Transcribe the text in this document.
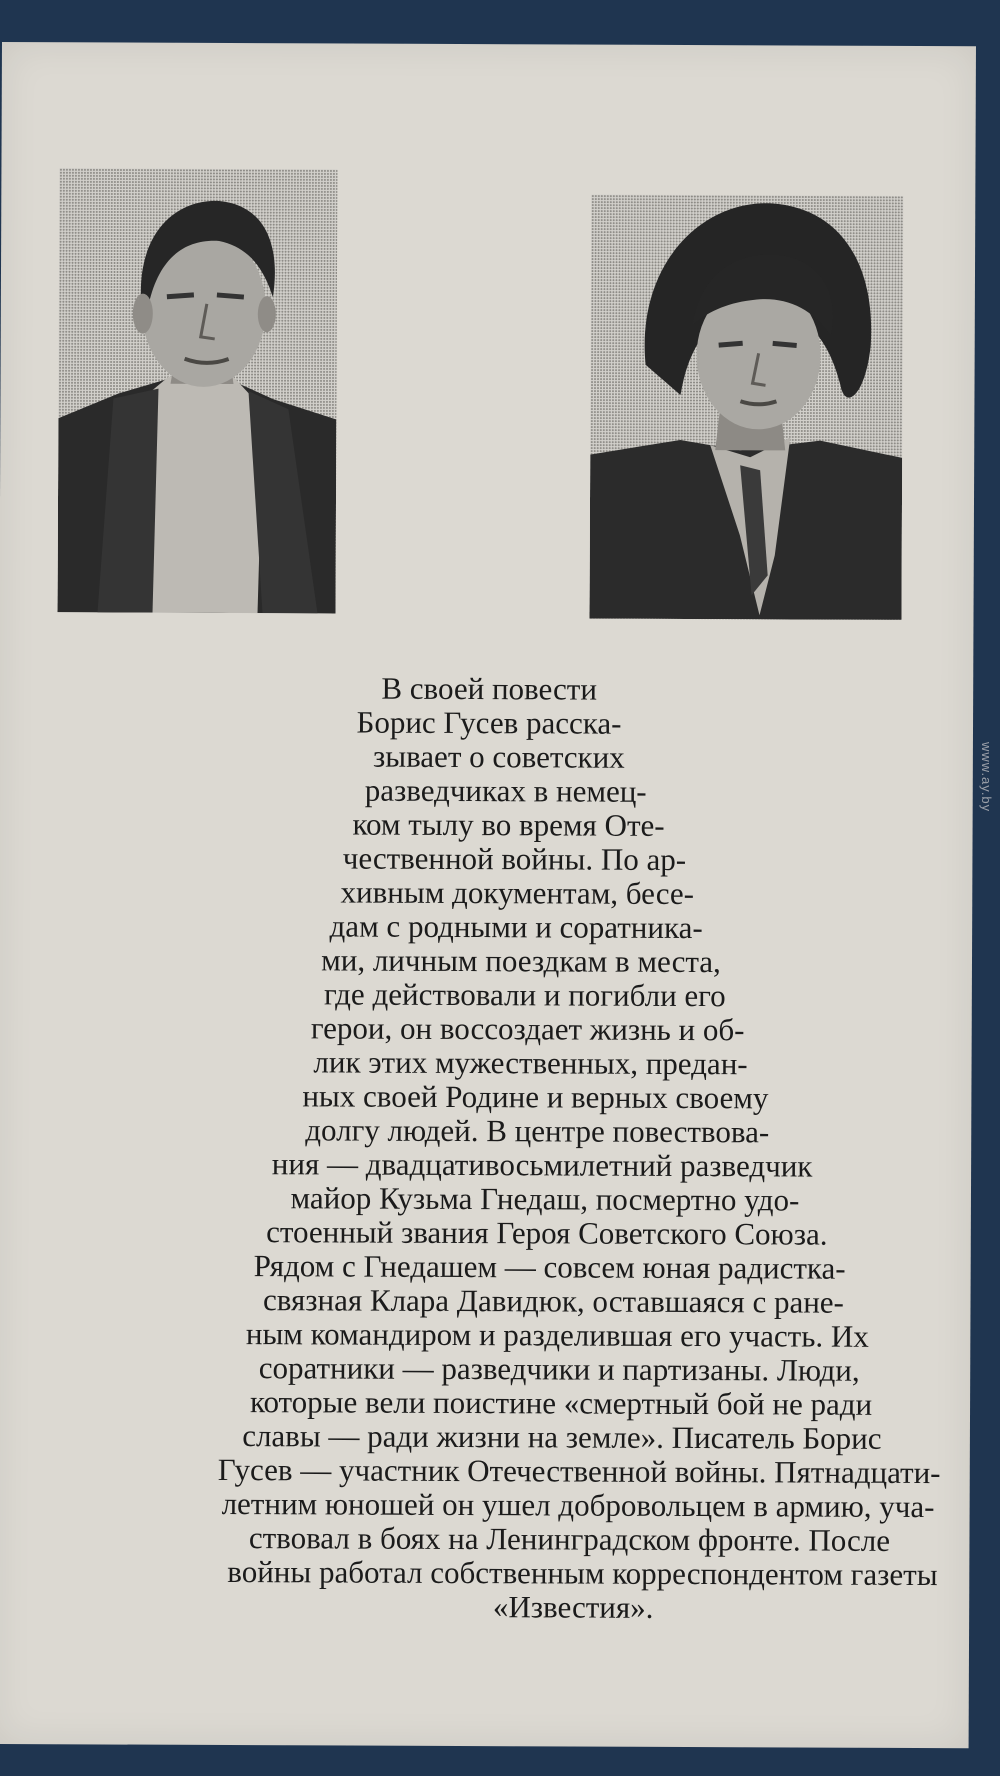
В своей повести
Борис Гусев расска-
зывает о советских
разведчиках в немец-
ком тылу во время Оте-
чественной войны. По ар-
хивным документам, бесе-
дам с родными и соратника-
ми, личным поездкам в места,
где действовали и погибли его
герои, он воссоздает жизнь и об-
лик этих мужественных, предан-
ных своей Родине и верных своему
долгу людей. В центре повествова-
ния — двадцативосьмилетний разведчик
майор Кузьма Гнедаш, посмертно удо-
стоенный звания Героя Советского Союза.
Рядом с Гнедашем — совсем юная радистка-
связная Клара Давидюк, оставшаяся с ране-
ным командиром и разделившая его участь. Их
соратники — разведчики и партизаны. Люди,
которые вели поистине «смертный бой не ради
славы — ради жизни на земле». Писатель Борис
Гусев — участник Отечественной войны. Пятнадцати-
летним юношей он ушел добровольцем в армию, уча-
ствовал в боях на Ленинградском фронте. После
войны работал собственным корреспондентом газеты
«Известия».
www.ay.by
